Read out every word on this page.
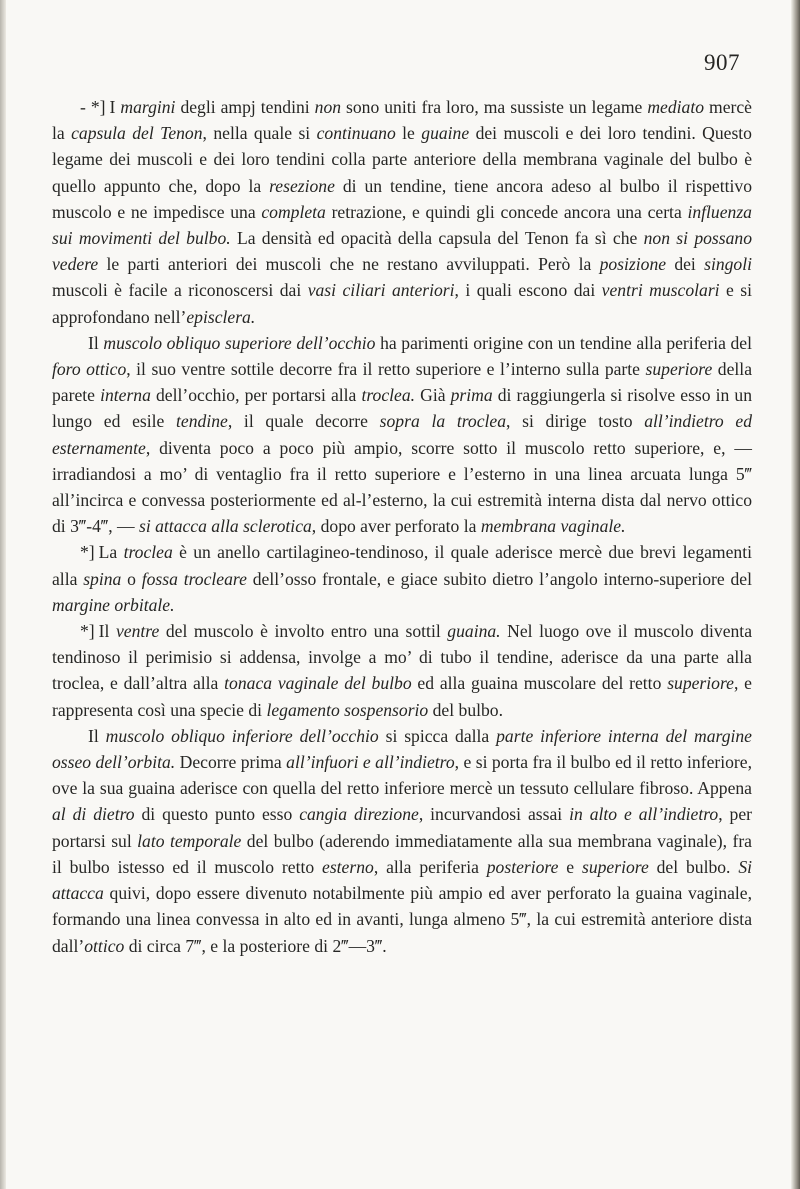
907

- *] I margini degli ampj tendini non sono uniti fra loro, ma sussiste un legame mediato mercè la capsula del Tenon, nella quale si continuano le guaine dei muscoli e dei loro tendini. Questo legame dei muscoli e dei loro tendini colla parte anteriore della membrana vaginale del bulbo è quello appunto che, dopo la resezione di un tendine, tiene ancora adeso al bulbo il rispettivo muscolo e ne impedisce una completa retrazione, e quindi gli concede ancora una certa influenza sui movimenti del bulbo. La densità ed opacità della capsula del Tenon fa sì che non si possano vedere le parti anteriori dei muscoli che ne restano avviluppati. Però la posizione dei singoli muscoli è facile a riconoscersi dai vasi ciliari anteriori, i quali escono dai ventri muscolari e si approfondano nell’episclera.

Il muscolo obliquo superiore dell’occhio ha parimenti origine con un tendine alla periferia del foro ottico, il suo ventre sottile decorre fra il retto superiore e l’interno sulla parte superiore della parete interna dell’occhio, per portarsi alla troclea. Già prima di raggiungerla si risolve esso in un lungo ed esile tendine, il quale decorre sopra la troclea, si dirige tosto all’indietro ed esternamente, diventa poco a poco più ampio, scorre sotto il muscolo retto superiore, e, — irradiandosi a mo’ di ventaglio fra il retto superiore e l’esterno in una linea arcuata lunga 5‴ all’incirca e convessa posteriormente ed al-l’esterno, la cui estremità interna dista dal nervo ottico di 3‴-4‴, — si attacca alla sclerotica, dopo aver perforato la membrana vaginale.

*] La troclea è un anello cartilagineo-tendinoso, il quale aderisce mercè due brevi legamenti alla spina o fossa trocleare dell’osso frontale, e giace subito dietro l’angolo interno-superiore del margine orbitale.

*] Il ventre del muscolo è involto entro una sottil guaina. Nel luogo ove il muscolo diventa tendinoso il perimisio si addensa, involge a mo’ di tubo il tendine, aderisce da una parte alla troclea, e dall’altra alla tonaca vaginale del bulbo ed alla guaina muscolare del retto superiore, e rappresenta così una specie di legamento sospensorio del bulbo.

Il muscolo obliquo inferiore dell’occhio si spicca dalla parte inferiore interna del margine osseo dell’orbita. Decorre prima all’infuori e all’indietro, e si porta fra il bulbo ed il retto inferiore, ove la sua guaina aderisce con quella del retto inferiore mercè un tessuto cellulare fibroso. Appena al di dietro di questo punto esso cangia direzione, incurvandosi assai in alto e all’indietro, per portarsi sul lato temporale del bulbo (aderendo immediatamente alla sua membrana vaginale), fra il bulbo istesso ed il muscolo retto esterno, alla periferia posteriore e superiore del bulbo. Si attacca quivi, dopo essere divenuto notabilmente più ampio ed aver perforato la guaina vaginale, formando una linea convessa in alto ed in avanti, lunga almeno 5‴, la cui estremità anteriore dista dall’ottico di circa 7‴, e la posteriore di 2‴—3‴.
